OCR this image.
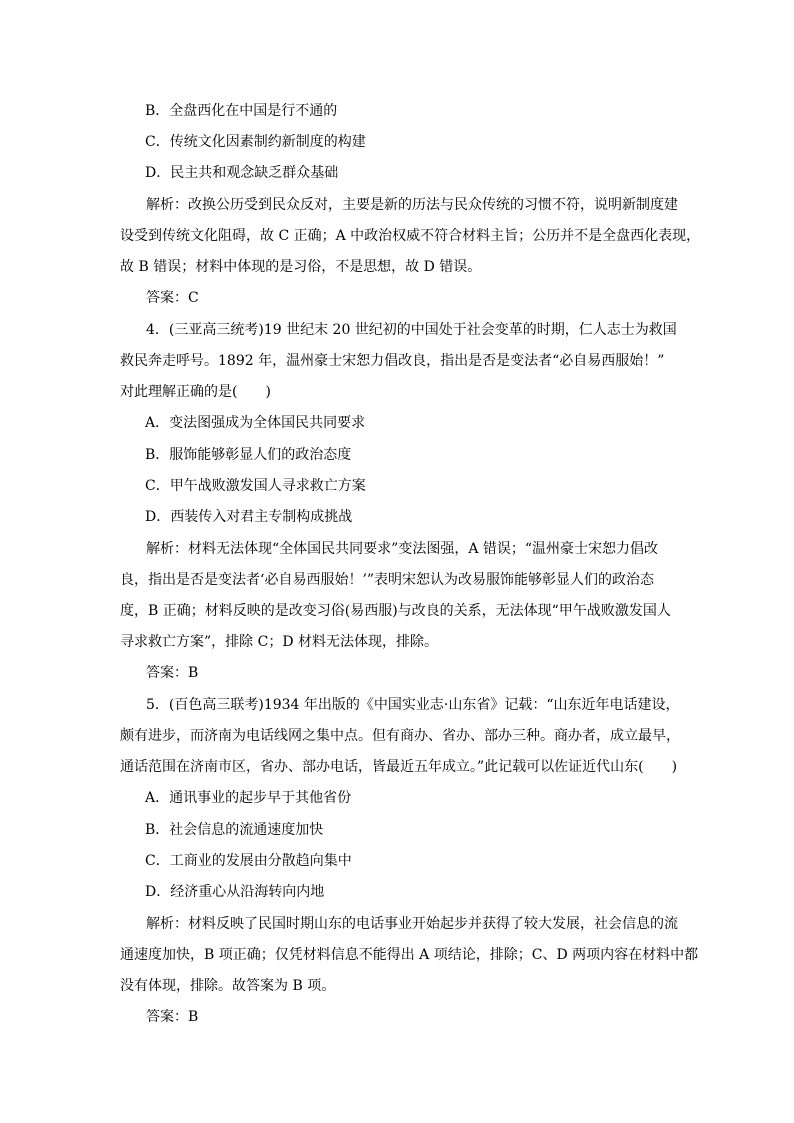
B．全盘西化在中国是行不通的
C．传统文化因素制约新制度的构建
D．民主共和观念缺乏群众基础
解析：改换公历受到民众反对，主要是新的历法与民众传统的习惯不符，说明新制度建
设受到传统文化阻碍，故 C 正确；A 中政治权威不符合材料主旨；公历并不是全盘西化表现，
故 B 错误；材料中体现的是习俗，不是思想，故 D 错误。
答案：C
4．(三亚高三统考)19 世纪末 20 世纪初的中国处于社会变革的时期，仁人志士为救国
救民奔走呼号。1892 年，温州豪士宋恕力倡改良，指出是否是变法者“必自易西服始！”
对此理解正确的是(　　)
A．变法图强成为全体国民共同要求
B．服饰能够彰显人们的政治态度
C．甲午战败激发国人寻求救亡方案
D．西装传入对君主专制构成挑战
解析：材料无法体现“全体国民共同要求”变法图强，A 错误；“温州豪士宋恕力倡改
良，指出是否是变法者‘必自易西服始！’”表明宋恕认为改易服饰能够彰显人们的政治态
度，B 正确；材料反映的是改变习俗(易西服)与改良的关系，无法体现“甲午战败激发国人
寻求救亡方案”，排除 C；D 材料无法体现，排除。
答案：B
5．(百色高三联考)1934 年出版的《中国实业志·山东省》记载：“山东近年电话建设，
颇有进步，而济南为电话线网之集中点。但有商办、省办、部办三种。商办者，成立最早，
通话范围在济南市区，省办、部办电话，皆最近五年成立。”此记载可以佐证近代山东(　　)
A．通讯事业的起步早于其他省份
B．社会信息的流通速度加快
C．工商业的发展由分散趋向集中
D．经济重心从沿海转向内地
解析：材料反映了民国时期山东的电话事业开始起步并获得了较大发展，社会信息的流
通速度加快，B 项正确；仅凭材料信息不能得出 A 项结论，排除；C、D 两项内容在材料中都
没有体现，排除。故答案为 B 项。
答案：B
